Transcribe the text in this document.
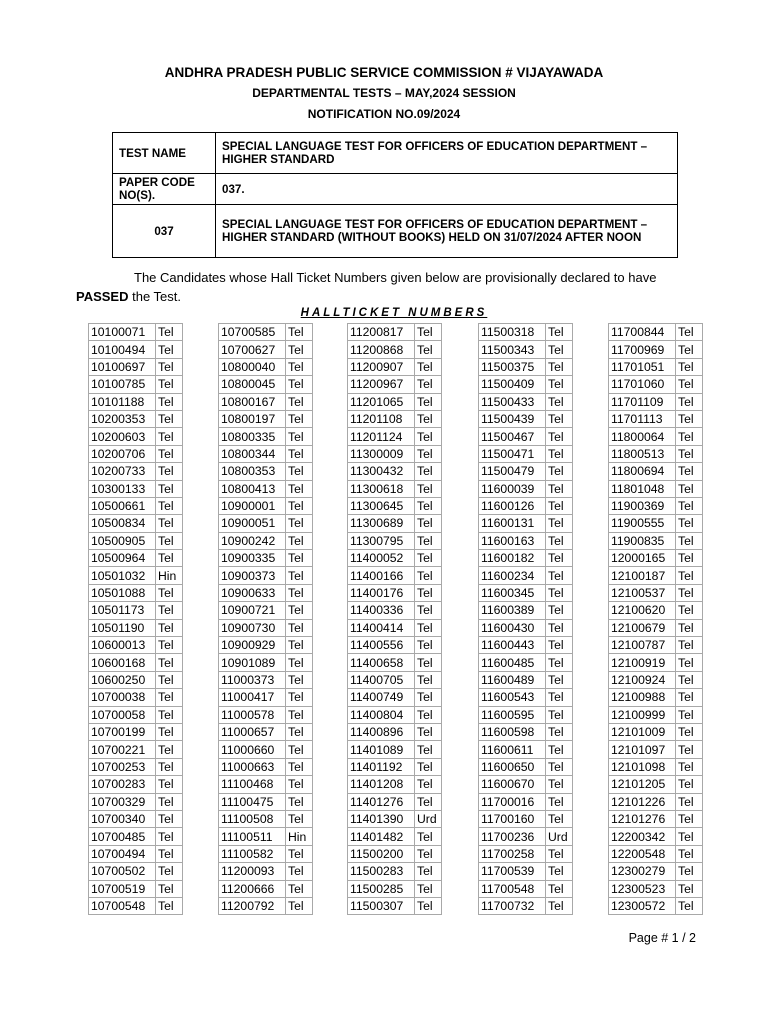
ANDHRA PRADESH PUBLIC SERVICE COMMISSION # VIJAYAWADA

DEPARTMENTAL TESTS – MAY,2024 SESSION

NOTIFICATION NO.09/2024

TEST NAME	SPECIAL LANGUAGE TEST FOR OFFICERS OF EDUCATION DEPARTMENT – HIGHER STANDARD
PAPER CODE NO(S).	037.
037	SPECIAL LANGUAGE TEST FOR OFFICERS OF EDUCATION DEPARTMENT – HIGHER STANDARD (WITHOUT BOOKS) HELD ON 31/07/2024 AFTER NOON

The Candidates whose Hall Ticket Numbers given below are provisionally declared to have
PASSED the Test.

HALLTICKET NUMBERS

10100071	Tel
10100494	Tel
10100697	Tel
10100785	Tel
10101188	Tel
10200353	Tel
10200603	Tel
10200706	Tel
10200733	Tel
10300133	Tel
10500661	Tel
10500834	Tel
10500905	Tel
10500964	Tel
10501032	Hin
10501088	Tel
10501173	Tel
10501190	Tel
10600013	Tel
10600168	Tel
10600250	Tel
10700038	Tel
10700058	Tel
10700199	Tel
10700221	Tel
10700253	Tel
10700283	Tel
10700329	Tel
10700340	Tel
10700485	Tel
10700494	Tel
10700502	Tel
10700519	Tel
10700548	Tel
10700585	Tel
10700627	Tel
10800040	Tel
10800045	Tel
10800167	Tel
10800197	Tel
10800335	Tel
10800344	Tel
10800353	Tel
10800413	Tel
10900001	Tel
10900051	Tel
10900242	Tel
10900335	Tel
10900373	Tel
10900633	Tel
10900721	Tel
10900730	Tel
10900929	Tel
10901089	Tel
11000373	Tel
11000417	Tel
11000578	Tel
11000657	Tel
11000660	Tel
11000663	Tel
11100468	Tel
11100475	Tel
11100508	Tel
11100511	Hin
11100582	Tel
11200093	Tel
11200666	Tel
11200792	Tel
11200817	Tel
11200868	Tel
11200907	Tel
11200967	Tel
11201065	Tel
11201108	Tel
11201124	Tel
11300009	Tel
11300432	Tel
11300618	Tel
11300645	Tel
11300689	Tel
11300795	Tel
11400052	Tel
11400166	Tel
11400176	Tel
11400336	Tel
11400414	Tel
11400556	Tel
11400658	Tel
11400705	Tel
11400749	Tel
11400804	Tel
11400896	Tel
11401089	Tel
11401192	Tel
11401208	Tel
11401276	Tel
11401390	Urd
11401482	Tel
11500200	Tel
11500283	Tel
11500285	Tel
11500307	Tel
11500318	Tel
11500343	Tel
11500375	Tel
11500409	Tel
11500433	Tel
11500439	Tel
11500467	Tel
11500471	Tel
11500479	Tel
11600039	Tel
11600126	Tel
11600131	Tel
11600163	Tel
11600182	Tel
11600234	Tel
11600345	Tel
11600389	Tel
11600430	Tel
11600443	Tel
11600485	Tel
11600489	Tel
11600543	Tel
11600595	Tel
11600598	Tel
11600611	Tel
11600650	Tel
11600670	Tel
11700016	Tel
11700160	Tel
11700236	Urd
11700258	Tel
11700539	Tel
11700548	Tel
11700732	Tel
11700844	Tel
11700969	Tel
11701051	Tel
11701060	Tel
11701109	Tel
11701113	Tel
11800064	Tel
11800513	Tel
11800694	Tel
11801048	Tel
11900369	Tel
11900555	Tel
11900835	Tel
12000165	Tel
12100187	Tel
12100537	Tel
12100620	Tel
12100679	Tel
12100787	Tel
12100919	Tel
12100924	Tel
12100988	Tel
12100999	Tel
12101009	Tel
12101097	Tel
12101098	Tel
12101205	Tel
12101226	Tel
12101276	Tel
12200342	Tel
12200548	Tel
12300279	Tel
12300523	Tel
12300572	Tel

Page # 1 / 2
